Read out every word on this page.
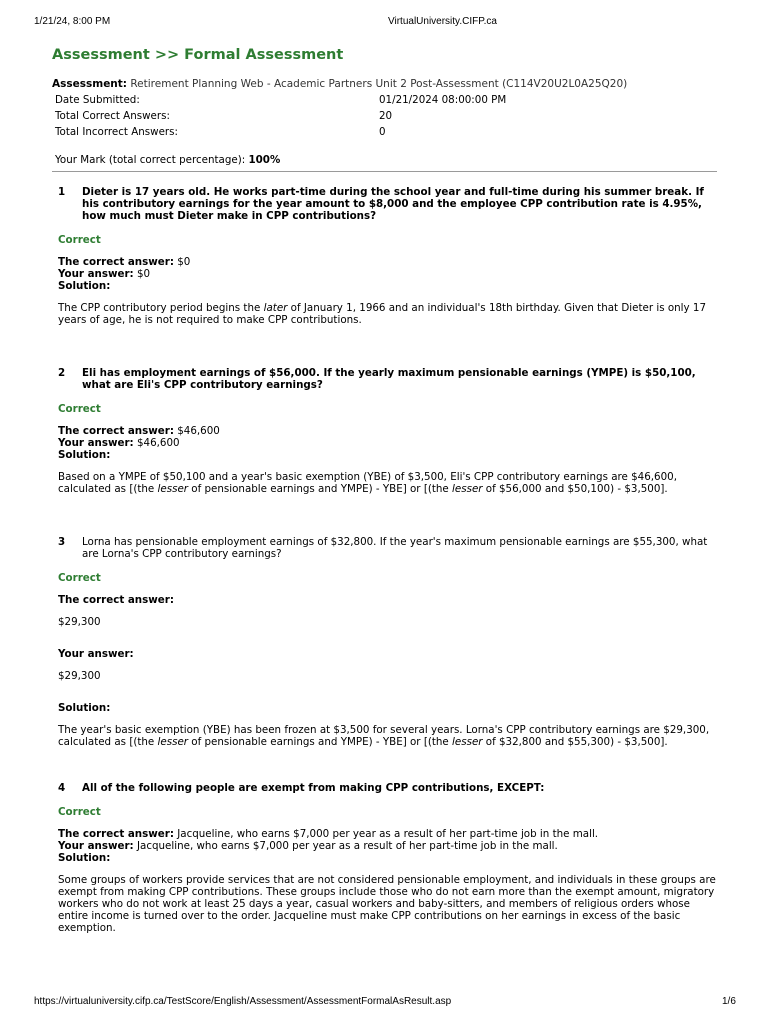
1/21/24, 8:00 PM	VirtualUniversity.CIFP.ca
Assessment >> Formal Assessment
Assessment: Retirement Planning Web - Academic Partners Unit 2 Post-Assessment (C114V20U2L0A25Q20)
Date Submitted:	01/21/2024 08:00:00 PM
Total Correct Answers:	20
Total Incorrect Answers:	0
Your Mark (total correct percentage): 100%
1	Dieter is 17 years old. He works part-time during the school year and full-time during his summer break. If his contributory earnings for the year amount to $8,000 and the employee CPP contribution rate is 4.95%, how much must Dieter make in CPP contributions?
Correct
The correct answer: $0
Your answer: $0
Solution:
The CPP contributory period begins the later of January 1, 1966 and an individual's 18th birthday. Given that Dieter is only 17 years of age, he is not required to make CPP contributions.
2	Eli has employment earnings of $56,000. If the yearly maximum pensionable earnings (YMPE) is $50,100, what are Eli's CPP contributory earnings?
Correct
The correct answer: $46,600
Your answer: $46,600
Solution:
Based on a YMPE of $50,100 and a year's basic exemption (YBE) of $3,500, Eli's CPP contributory earnings are $46,600, calculated as [(the lesser of pensionable earnings and YMPE) - YBE] or [(the lesser of $56,000 and $50,100) - $3,500].
3	Lorna has pensionable employment earnings of $32,800. If the year's maximum pensionable earnings are $55,300, what are Lorna's CPP contributory earnings?
Correct
The correct answer:
$29,300
Your answer:
$29,300
Solution:
The year's basic exemption (YBE) has been frozen at $3,500 for several years. Lorna's CPP contributory earnings are $29,300, calculated as [(the lesser of pensionable earnings and YMPE) - YBE] or [(the lesser of $32,800 and $55,300) - $3,500].
4	All of the following people are exempt from making CPP contributions, EXCEPT:
Correct
The correct answer: Jacqueline, who earns $7,000 per year as a result of her part-time job in the mall.
Your answer: Jacqueline, who earns $7,000 per year as a result of her part-time job in the mall.
Solution:
Some groups of workers provide services that are not considered pensionable employment, and individuals in these groups are exempt from making CPP contributions. These groups include those who do not earn more than the exempt amount, migratory workers who do not work at least 25 days a year, casual workers and baby-sitters, and members of religious orders whose entire income is turned over to the order. Jacqueline must make CPP contributions on her earnings in excess of the basic exemption.
https://virtualuniversity.cifp.ca/TestScore/English/Assessment/AssessmentFormalAsResult.asp	1/6
